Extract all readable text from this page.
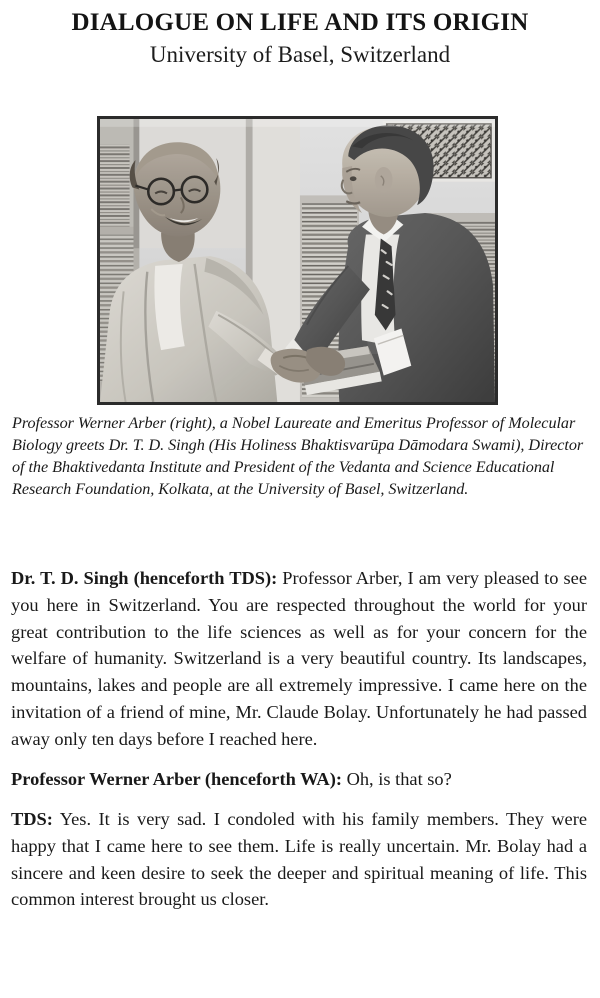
DIALOGUE ON LIFE AND ITS ORIGIN
University of Basel, Switzerland
Professor Werner Arber (right), a Nobel Laureate and Emeritus Professor of Molecular Biology greets Dr. T. D. Singh (His Holiness Bhaktisvarūpa Dāmodara Swami), Director of the Bhaktivedanta Institute and President of the Vedanta and Science Educational Research Foundation, Kolkata, at the University of Basel, Switzerland.

Dr. T. D. Singh (henceforth TDS): Professor Arber, I am very pleased to see you here in Switzerland. You are respected throughout the world for your great contribution to the life sciences as well as for your concern for the welfare of humanity. Switzerland is a very beautiful country. Its landscapes, mountains, lakes and people are all extremely impressive. I came here on the invitation of a friend of mine, Mr. Claude Bolay. Unfortunately he had passed away only ten days before I reached here.

Professor Werner Arber (henceforth WA): Oh, is that so?

TDS: Yes. It is very sad. I condoled with his family members. They were happy that I came here to see them. Life is really uncertain. Mr. Bolay had a sincere and keen desire to seek the deeper and spiritual meaning of life. This common interest brought us closer.
